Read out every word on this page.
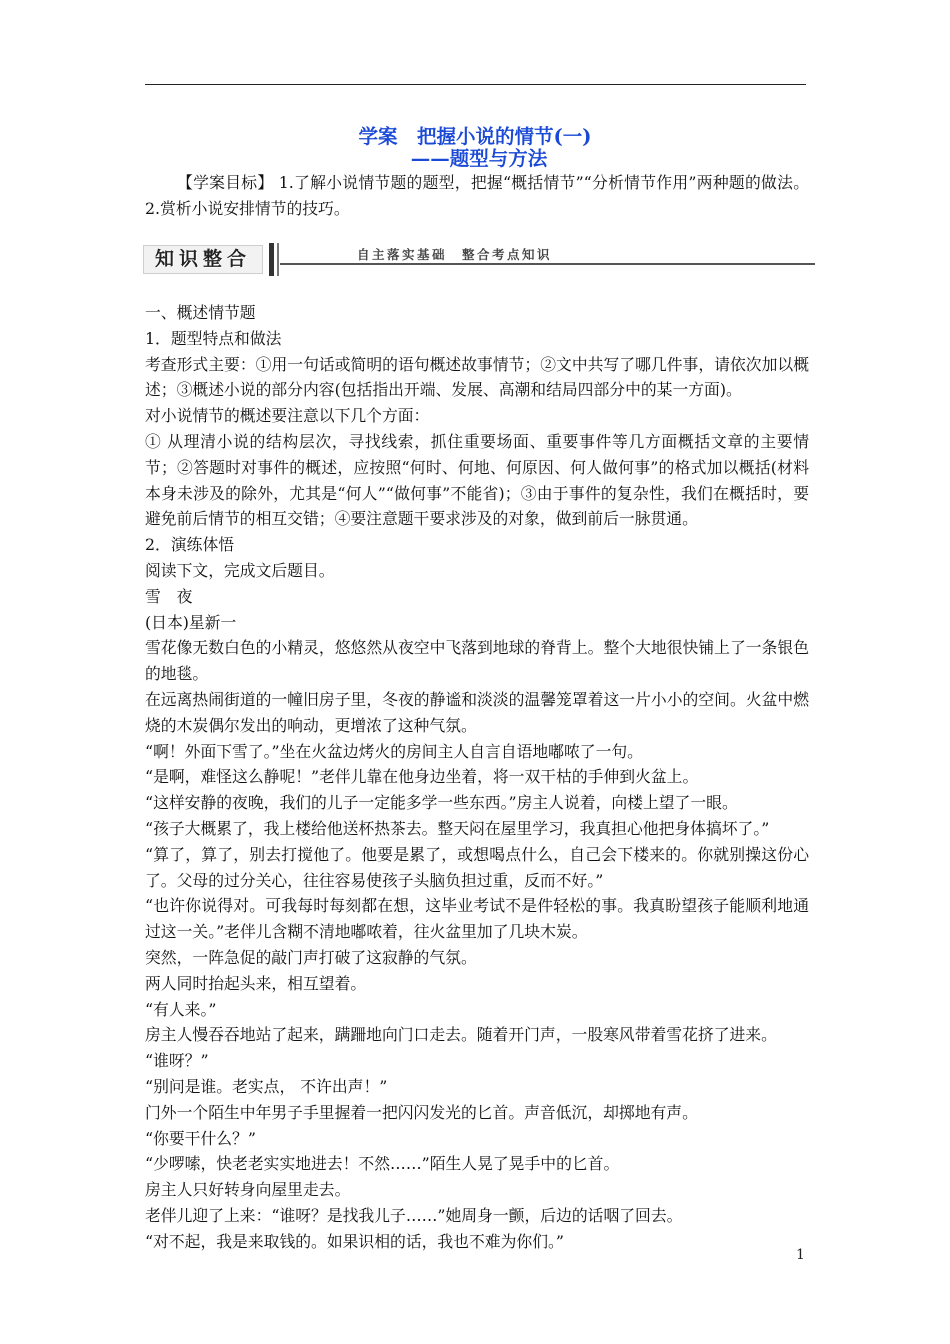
学案　把握小说的情节(一)
——题型与方法
【学案目标】 1.了解小说情节题的题型，把握“概括情节”“分析情节作用”两种题的做法。2.赏析小说安排情节的技巧。
知识整合	自主落实基础　整合考点知识

一、概述情节题

1．题型特点和做法

考查形式主要：①用一句话或简明的语句概述故事情节；②文中共写了哪几件事，请依次加以概述；③概述小说的部分内容(包括指出开端、发展、高潮和结局四部分中的某一方面)。

对小说情节的概述要注意以下几个方面：

① 从理清小说的结构层次，寻找线索，抓住重要场面、重要事件等几方面概括文章的主要情节；②答题时对事件的概述，应按照“何时、何地、何原因、何人做何事”的格式加以概括(材料本身未涉及的除外，尤其是“何人”“做何事”不能省)；③由于事件的复杂性，我们在概括时，要避免前后情节的相互交错；④要注意题干要求涉及的对象，做到前后一脉贯通。

2．演练体悟

阅读下文，完成文后题目。

雪　夜

(日本)星新一

雪花像无数白色的小精灵，悠悠然从夜空中飞落到地球的脊背上。整个大地很快铺上了一条银色的地毯。

在远离热闹街道的一幢旧房子里，冬夜的静谧和淡淡的温馨笼罩着这一片小小的空间。火盆中燃烧的木炭偶尔发出的响动，更增浓了这种气氛。

“啊！外面下雪了。”坐在火盆边烤火的房间主人自言自语地嘟哝了一句。

“是啊，难怪这么静呢！”老伴儿靠在他身边坐着，将一双干枯的手伸到火盆上。

“这样安静的夜晚，我们的儿子一定能多学一些东西。”房主人说着，向楼上望了一眼。

“孩子大概累了，我上楼给他送杯热茶去。整天闷在屋里学习，我真担心他把身体搞坏了。”

“算了，算了，别去打搅他了。他要是累了，或想喝点什么，自己会下楼来的。你就别操这份心了。父母的过分关心，往往容易使孩子头脑负担过重，反而不好。”

“也许你说得对。可我每时每刻都在想，这毕业考试不是件轻松的事。我真盼望孩子能顺利地通过这一关。”老伴儿含糊不清地嘟哝着，往火盆里加了几块木炭。

突然，一阵急促的敲门声打破了这寂静的气氛。

两人同时抬起头来，相互望着。

“有人来。”

房主人慢吞吞地站了起来，蹒跚地向门口走去。随着开门声，一股寒风带着雪花挤了进来。

“谁呀？”

“别问是谁。老实点， 不许出声！”

门外一个陌生中年男子手里握着一把闪闪发光的匕首。声音低沉，却掷地有声。

“你要干什么？”

“少啰嗦，快老老实实地进去！不然……”陌生人晃了晃手中的匕首。

房主人只好转身向屋里走去。

老伴儿迎了上来：“谁呀？是找我儿子……”她周身一颤，后边的话咽了回去。

“对不起，我是来取钱的。如果识相的话，我也不难为你们。”

1
